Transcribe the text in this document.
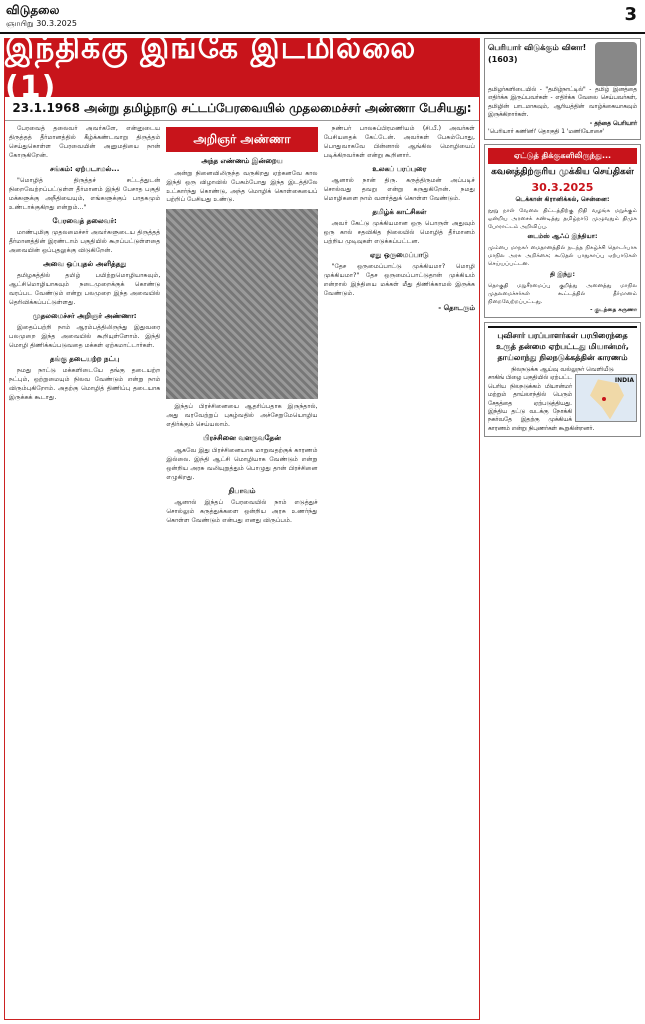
விடுதலை
ஞாயிறு 30.3.2025	3
இந்திக்கு இங்கே இடமில்லை (1)
23.1.1968 அன்று தமிழ்நாடு சட்டப்பேரவையில் முதலமைச்சர் அண்ணா பேசியது:

பேரவைத் தலைவர் அவர்களே, என்னுடைய திருத்தத் தீர்மானத்தில் கீழ்க்கண்டவாறு திருத்தம் செய்துகொள்ள பேரவையின் அனுமதியை நான் கோருகிறேன்.

சங்கம்: ஏற்படாமல்...

"மொழித் திருத்தச் சட்டத்துடன் நிறைவேற்றப்பட்டுள்ள தீர்மானம் இந்தி பேசாத பகுதி மக்களுக்கு அநீதியையும், எங்களுக்குப் பாதகமும் உண்டாக்குகிறது என்றும்..."

பேரவைத் தலைவர்:

மாண்புமிகு முதலமைச்சர் அவர்களுடைய திருத்தத் தீர்மானத்தின் இரண்டாம் பகுதியில் கூறப்பட்டுள்ளதை அவையின் ஒப்புதலுக்கு விடுகிறேன்.

அவை ஒப்புதல் அளித்தது

தமிழகத்தில் தமிழ் பயிற்றுமொழியாகவும், ஆட்சிமொழியாகவும் நடைமுறைக்குக் கொண்டு வரப்பட வேண்டும் என்று பலமுறை இந்த அவையில் தெரிவிக்கப்பட்டுள்ளது.

முதலமைச்சர் அறிஞர் அண்ணா:

இதைப்பற்றி நாம் ஆரம்பத்திலிருந்து இதுவரை பலமுறை இந்த அவையில் கூறியுள்ளோம். இந்தி மொழி திணிக்கப்படுவதை மக்கள் ஏற்கமாட்டார்கள்.

தங்கு தடையற்ற நட்பு

நமது நாட்டு மக்களிடையே தங்கு தடையற்ற நட்பும், ஒற்றுமையும் நிலவ வேண்டும் என்று நாம் விரும்புகிறோம். அதற்கு மொழித் திணிப்பு தடையாக இருக்கக் கூடாது.

அறிஞர் அண்ணா
அந்த எண்ணம் இன்றைய

அன்று நினைவிலிருந்த வருகிறது ஏற்கனவே கால இந்தி ஒரு விழாவில் பேசும்போது இந்த இடத்திலே உட்கார்ந்து கொண்டு, அந்த மொழிக் கொள்கையைப் பற்றிப் பேசியது உண்டு.

இந்தப் பிரச்சினையை ஆதரிப்பதாக இருந்தால், அது வரவேற்றுப் புகழ்வதில் அச்சேறுமேயொழிய எதிர்க்கும் செய்யலாம்.

பிரச்சினை வளருவதேன்

ஆகவே இது பிரச்சினையாக மாறுவதற்குக் காரணம் இல்லை. இந்தி ஆட்சி மொழியாக வேண்டும் என்று ஒன்றிய அரசு வலியுறுத்தும் பொழுது தான் பிரச்சினை எழுகிறது.

நிபாவம்

ஆனால் இந்தப் பேரவையில் நாம் எடுத்துச் சொல்லும் கருத்துக்களை ஒன்றிய அரசு உணர்ந்து கொள்ள வேண்டும் என்பது எனது விருப்பம்.

நண்பர் பாலசுப்பிரமணியம் (சி.பீ.) அவர்கள் பேசியதைக் கேட்டேன். அவர்கள் பேசும்போது, பொதுவாகவே பின்னால் ஆங்கில மொழியைப் படிக்கிறவர்கள் என்று கூறினார்.

உலகப் பரப்புரை

ஆனால் நான் திரு. கருத்திருமன் அப்படிச் சொல்வது தவறு என்று கருதுகிறேன். நமது மொழிகளை நாம் வளர்த்துக் கொள்ள வேண்டும்.

தமிழ்க் காட்சிகள்

அவர் கேட்டு முக்கியமான ஒரு பொருள் அதுவும் ஒரு கால் சதவிகித நிலையில் மொழித் தீர்மானம் பற்றிய முடிவுகள் எடுக்கப்பட்டன.

ஏது ஒருமைப்பாடு

"தேச ஒருமைப்பாட்டு முக்கியமா? மொழி முக்கியமா?" தேச ஒருமைப்பாட்டுதான் முக்கியம் என்றால் இந்தியை மக்கள் மீது திணிக்காமல் இருக்க வேண்டும்.

- தொடரும்
பெரியார் விடுக்கும் வினா! (1603)
தமிழர்களிடையில் - "தமிழ்நாட்டில்" - தமிழ் இனத்தை எதிர்க்க இருப்பவர்கள் - எதிர்க்க வேலை செய்பவர்கள், தமிழின் பாடமாகவும், ஆரியத்தின் வாழ்க்கையாகவும் இருக்கிறார்கள்.
- தந்தை பெரியார்
'பெரியார் கணினி' தொகுதி 1 'மணியோசை'
ஏட்டுத் திக்குகளிலிருந்து...
கவனத்திற்குரிய முக்கிய செய்திகள்
30.3.2025
டெக்கான் கிரானிக்கல், சென்னை:
நூறு நாள் வேலை திட்டத்திற்கு நிதி வழங்க மறுக்கும் ஒன்றிய அரசைக் கண்டித்து தமிழ்நாடு முழுவதும் திமுக போராட்டம் அறிவிப்பு.
டைம்ஸ் ஆஃப் இந்தியா:
மும்பை மாநகர் மைதானத்தில் நடந்த நிகழ்ச்சி தொடர்பாக மாநில அரசு அறிக்கை; கூடுதல் பாதுகாப்பு ஏற்பாடுகள் செய்யப்பட்டன.
தி இந்து:
தொகுதி மறுசீரமைப்பு குறித்து அனைத்து மாநில முதலமைச்சர்கள் கூட்டத்தில் தீர்மானம் நிறைவேற்றப்பட்டது.
- குடந்தை கருணா
புவிசார் பரப்பாளர்கள் பரபிரைந்தை உருத் தன்மை ஏற்பட்டது மியான்மர், தாய்லாந்து நிலநடுக்கத்தின் காரணம்
நிலநடுக்க ஆய்வு வல்லுநர் வெளியீடு
INDIA
சாகிங் பிழை பகுதியில் ஏற்பட்ட பெரிய நிலநடுக்கம் மியான்மர் மற்றும் தாய்லாந்தில் பெரும் சேதத்தை ஏற்படுத்தியது. இந்திய தட்டு வடக்கு நோக்கி நகர்வதே இதற்கு முக்கியக் காரணம் என்று நிபுணர்கள் கூறுகின்றனர்.
